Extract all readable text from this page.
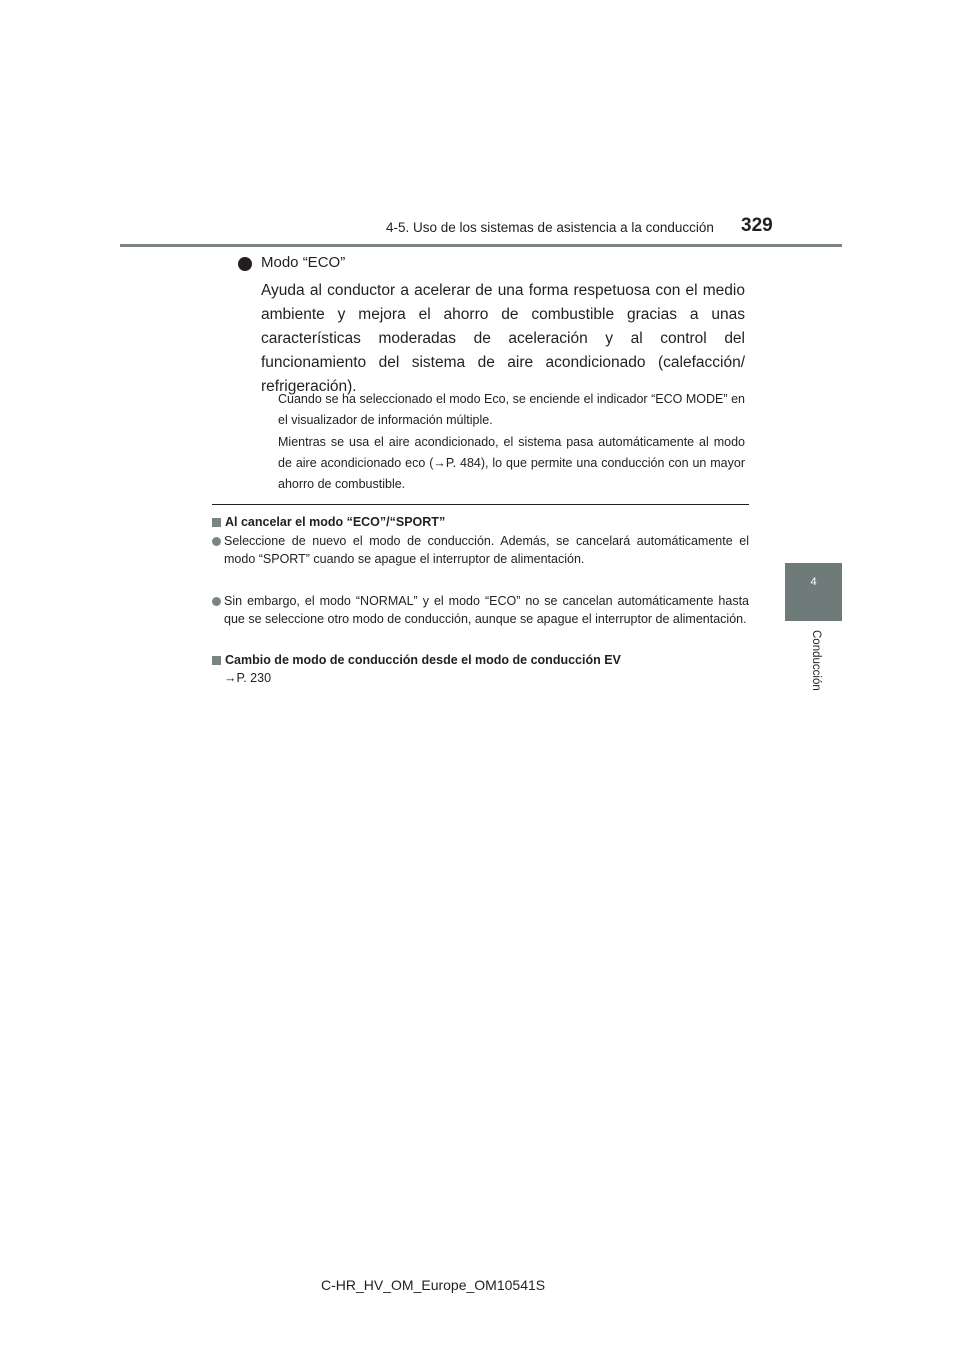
4-5. Uso de los sistemas de asistencia a la conducción 329
4
Conducción
Modo “ECO”

Ayuda al conductor a acelerar de una forma respetuosa con el medio ambiente y mejora el ahorro de combustible gracias a unas características moderadas de aceleración y al control del funcionamiento del sistema de aire acondicionado (calefacción/ refrigeración).

Cuando se ha seleccionado el modo Eco, se enciende el indicador “ECO MODE” en el visualizador de información múltiple.

Mientras se usa el aire acondicionado, el sistema pasa automáticamente al modo de aire acondicionado eco (→P. 484), lo que permite una conducción con un mayor ahorro de combustible.

Al cancelar el modo “ECO”/“SPORT”

Seleccione de nuevo el modo de conducción. Además, se cancelará automáticamente el modo “SPORT” cuando se apague el interruptor de alimentación.

Sin embargo, el modo “NORMAL” y el modo “ECO” no se cancelan automáticamente hasta que se seleccione otro modo de conducción, aunque se apague el interruptor de alimentación.

Cambio de modo de conducción desde el modo de conducción EV
→P. 230
C-HR_HV_OM_Europe_OM10541S
